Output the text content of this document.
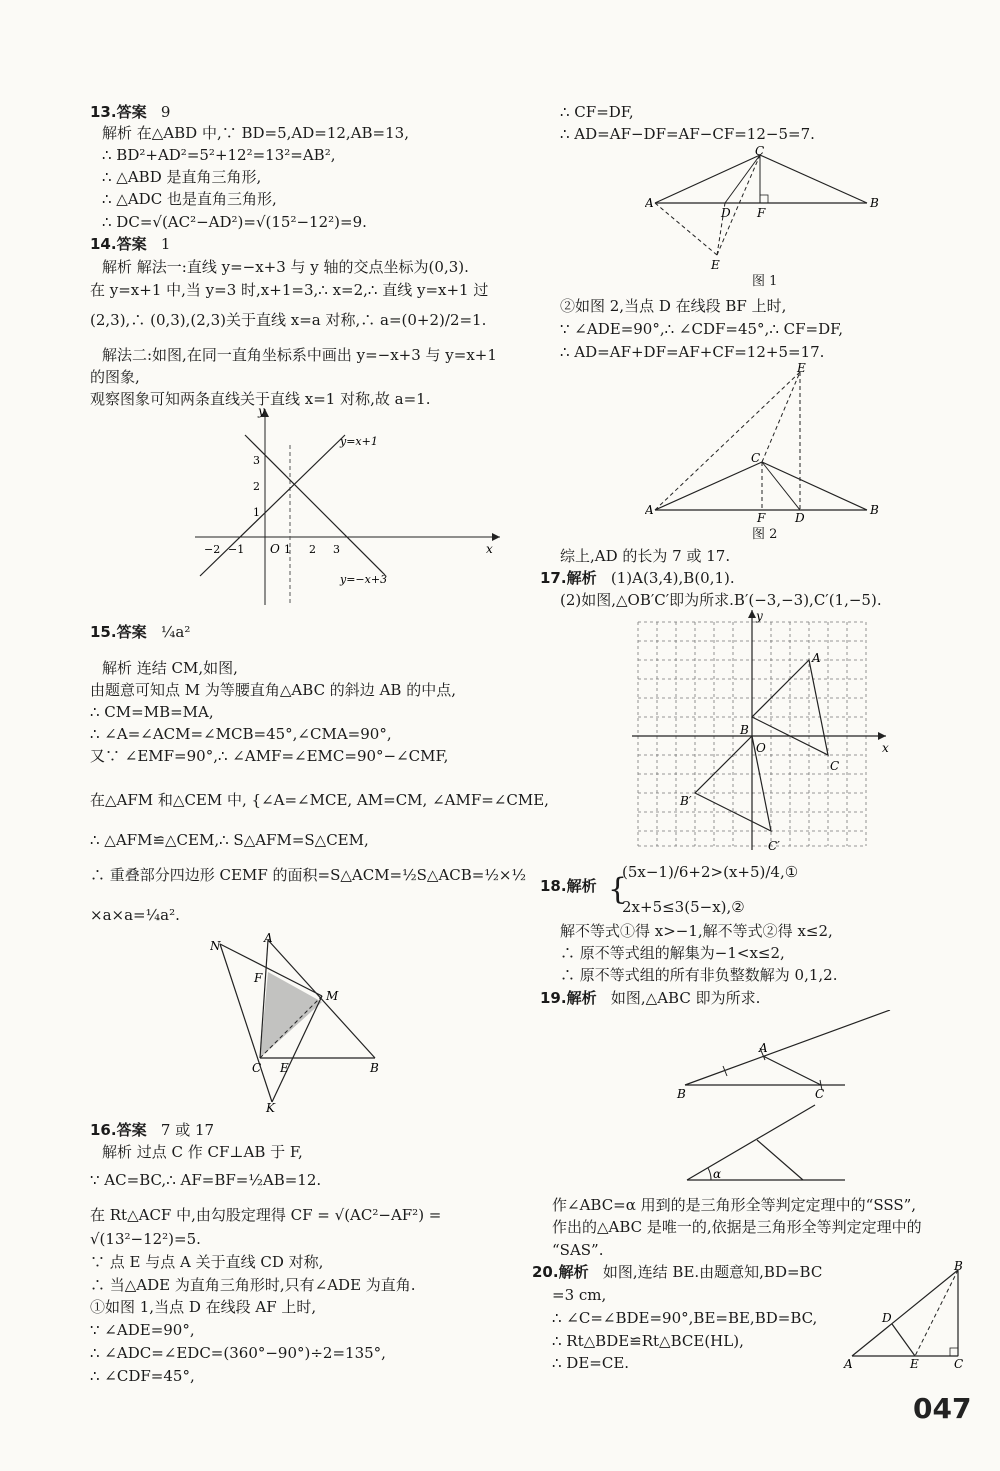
13.答案 9
解析 在△ABD 中,∵ BD=5,AD=12,AB=13,
∴ BD²+AD²=5²+12²=13²=AB²,
∴ △ABD 是直角三角形,
∴ △ADC 也是直角三角形,
∴ DC=√(AC²−AD²)=√(15²−12²)=9.
14.答案 1
解析 解法一:直线 y=−x+3 与 y 轴的交点坐标为(0,3).
在 y=x+1 中,当 y=3 时,x+1=3,∴ x=2,∴ 直线 y=x+1 过
(2,3),∴ (0,3),(2,3)关于直线 x=a 对称,∴ a=(0+2)/2=1.
解法二:如图,在同一直角坐标系中画出 y=−x+3 与 y=x+1
的图象,
观察图象可知两条直线关于直线 x=1 对称,故 a=1.
y
x
O
y=x+1
y=−x+3
−2 −1	1 2 3
1
2
3
15.答案 ¼a²
解析 连结 CM,如图,
由题意可知点 M 为等腰直角△ABC 的斜边 AB 的中点,
∴ CM=MB=MA,
∴ ∠A=∠ACM=∠MCB=45°,∠CMA=90°,
又∵ ∠EMF=90°,∴ ∠AMF=∠EMC=90°−∠CMF,
在△AFM 和△CEM 中, {∠A=∠MCE, AM=CM, ∠AMF=∠CME,
∴ △AFM≌△CEM,∴ S△AFM=S△CEM,
∴ 重叠部分四边形 CEMF 的面积=S△ACM=½S△ACB=½×½
×a×a=¼a².
N
A
F
M
C E	B
K
16.答案 7 或 17
解析 过点 C 作 CF⊥AB 于 F,
∵ AC=BC,∴ AF=BF=½AB=12.
在 Rt△ACF 中,由勾股定理得 CF = √(AC²−AF²) =
√(13²−12²)=5.
∵ 点 E 与点 A 关于直线 CD 对称,
∴ 当△ADE 为直角三角形时,只有∠ADE 为直角.
①如图 1,当点 D 在线段 AF 上时,
∵ ∠ADE=90°,
∴ ∠ADC=∠EDC=(360°−90°)÷2=135°,
∴ ∠CDF=45°,
∴ CF=DF,
∴ AD=AF−DF=AF−CF=12−5=7.
C
A
D F
B
E
图 1
②如图 2,当点 D 在线段 BF 上时,
∵ ∠ADE=90°,∴ ∠CDF=45°,∴ CF=DF,
∴ AD=AF+DF=AF+CF=12+5=17.
E
C
A
F D
B
图 2
综上,AD 的长为 7 或 17.
17.解析 (1)A(3,4),B(0,1).
(2)如图,△OB′C′即为所求.B′(−3,−3),C′(1,−5).
y
x
O
A
B
C
B′
C′
18.解析 {
(5x−1)/6+2>(x+5)/4,①
2x+5≤3(5−x),②
解不等式①得 x>−1,解不等式②得 x≤2,
∴ 原不等式组的解集为−1<x≤2,
∴ 原不等式组的所有非负整数解为 0,1,2.
19.解析 如图,△ABC 即为所求.
A
B	C
α
作∠ABC=α 用到的是三角形全等判定定理中的“SSS”,
作出的△ABC 是唯一的,依据是三角形全等判定定理中的
“SAS”.
20.解析 如图,连结 BE.由题意知,BD=BC
=3 cm,
∴ ∠C=∠BDE=90°,BE=BE,BD=BC,
∴ Rt△BDE≌Rt△BCE(HL),
∴ DE=CE.
B
D
A	E	C
047
